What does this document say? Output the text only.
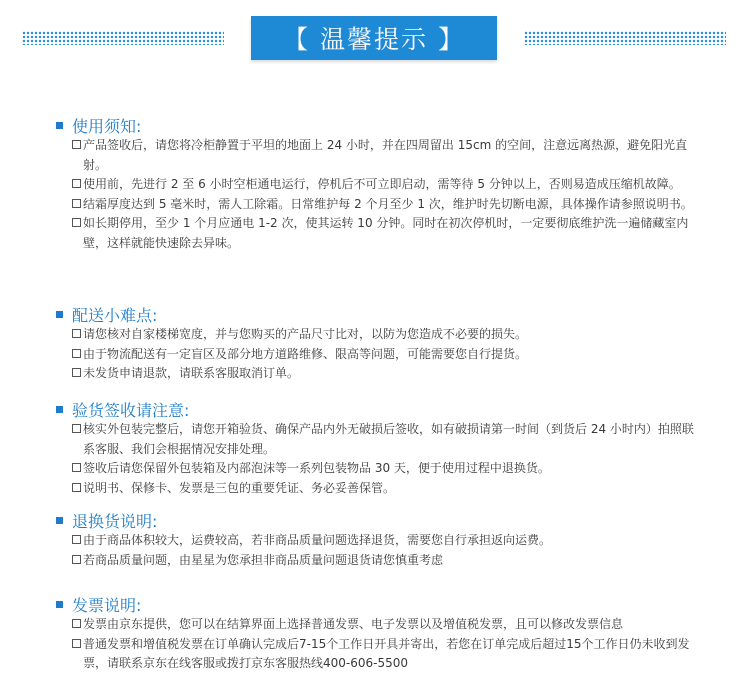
【 温馨提示 】
使用须知:
产品签收后，请您将冷柜静置于平坦的地面上 24 小时，并在四周留出 15cm 的空间，注意远离热源，避免阳光直射。
使用前，先进行 2 至 6 小时空柜通电运行，停机后不可立即启动，需等待 5 分钟以上，否则易造成压缩机故障。
结霜厚度达到 5 毫米时，需人工除霜。日常维护每 2 个月至少 1 次，维护时先切断电源，具体操作请参照说明书。
如长期停用，至少 1 个月应通电 1-2 次，使其运转 10 分钟。同时在初次停机时，一定要彻底维护洗一遍储藏室内壁，这样就能快速除去异味。
配送小难点:
请您核对自家楼梯宽度，并与您购买的产品尺寸比对，以防为您造成不必要的损失。
由于物流配送有一定盲区及部分地方道路维修、限高等问题，可能需要您自行提货。
未发货申请退款，请联系客服取消订单。
验货签收请注意:
核实外包装完整后，请您开箱验货、确保产品内外无破损后签收，如有破损请第一时间（到货后 24 小时内）拍照联系客服、我们会根据情况安排处理。
签收后请您保留外包装箱及内部泡沫等一系列包装物品 30 天，便于使用过程中退换货。
说明书、保修卡、发票是三包的重要凭证、务必妥善保管。
退换货说明:
由于商品体积较大，运费较高，若非商品质量问题选择退货，需要您自行承担返向运费。
若商品质量问题，由星星为您承担非商品质量问题退货请您慎重考虑
发票说明:
发票由京东提供，您可以在结算界面上选择普通发票、电子发票以及增值税发票，且可以修改发票信息
普通发票和增值税发票在订单确认完成后7-15个工作日开具并寄出，若您在订单完成后超过15个工作日仍未收到发票，请联系京东在线客服或拨打京东客服热线400-606-5500
